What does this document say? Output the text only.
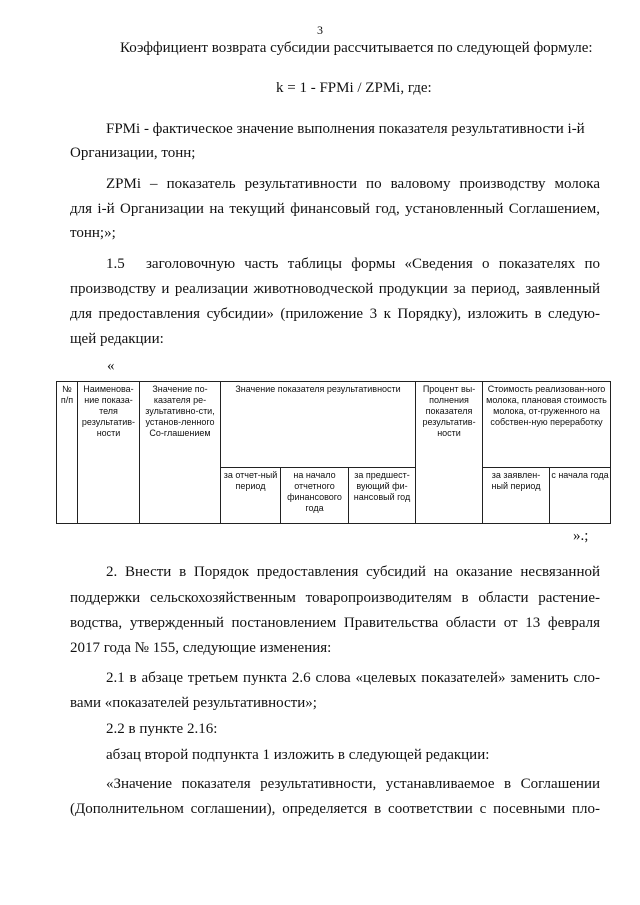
3
Коэффициент возврата субсидии рассчитывается по следующей формуле:
k = 1 - FPMi / ZPMi, где:
FPMi - фактическое значение выполнения показателя результативности i-й
Организации, тонн;
ZPMi – показатель результативности по валовому производству молока
для i-й Организации на текущий финансовый год, установленный Соглашением,
тонн;»;
1.5 заголовочную часть таблицы формы «Сведения о показателях по
производству и реализации животноводческой продукции за период, заявленный
для предоставления субсидии» (приложение 3 к Порядку), изложить в следую-
щей редакции:
«
№ п/п	Наименова-ние показа-теля результатив-ности	Значение по-казателя ре-зультативно-сти, установ-ленного Со-глашением	Значение показателя результативности			Процент вы-полнения показателя результатив-ности	Стоимость реализован-ного молока, плановая стоимость молока, от-груженного на собствен-ную переработку	
			за отчет-ный период	на начало отчетного финансового года	за предшест-вующий фи-нансовый год		за заявлен-ный период	с начала года
».;
2. Внести в Порядок предоставления субсидий на оказание несвязанной
поддержки сельскохозяйственным товаропроизводителям в области растение-
водства, утвержденный постановлением Правительства области от 13 февраля
2017 года № 155, следующие изменения:
2.1 в абзаце третьем пункта 2.6 слова «целевых показателей» заменить сло-
вами «показателей результативности»;
2.2 в пункте 2.16:
абзац второй подпункта 1 изложить в следующей редакции:
«Значение показателя результативности, устанавливаемое в Соглашении
(Дополнительном соглашении), определяется в соответствии с посевными пло-
